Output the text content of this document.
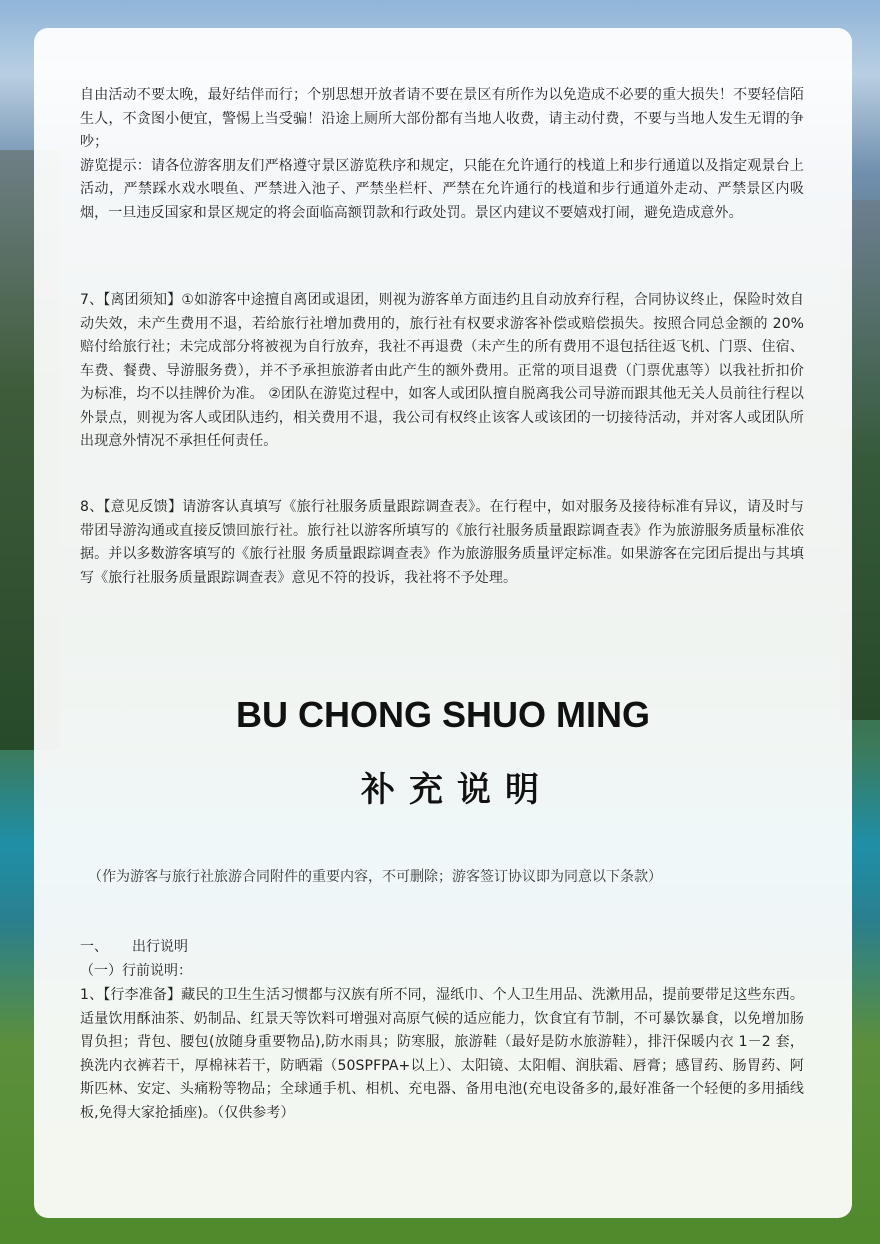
自由活动不要太晚，最好结伴而行；个别思想开放者请不要在景区有所作为以免造成不必要的重大损失！不要轻信陌生人，不贪图小便宜，警惕上当受骗！沿途上厕所大部份都有当地人收费，请主动付费，不要与当地人发生无谓的争吵；

游览提示：请各位游客朋友们严格遵守景区游览秩序和规定，只能在允许通行的栈道上和步行通道以及指定观景台上活动，严禁踩水戏水喂鱼、严禁进入池子、严禁坐栏杆、严禁在允许通行的栈道和步行通道外走动、严禁景区内吸烟，一旦违反国家和景区规定的将会面临高额罚款和行政处罚。景区内建议不要嬉戏打闹，避免造成意外。

7、【离团须知】①如游客中途擅自离团或退团，则视为游客单方面违约且自动放弃行程，合同协议终止，保险时效自动失效，未产生费用不退，若给旅行社增加费用的，旅行社有权要求游客补偿或赔偿损失。按照合同总金额的 20%赔付给旅行社；未完成部分将被视为自行放弃，我社不再退费（未产生的所有费用不退包括往返飞机、门票、住宿、车费、餐费、导游服务费），并不予承担旅游者由此产生的额外费用。正常的项目退费（门票优惠等）以我社折扣价为标准，均不以挂牌价为准。 ②团队在游览过程中，如客人或团队擅自脱离我公司导游而跟其他无关人员前往行程以外景点，则视为客人或团队违约，相关费用不退，我公司有权终止该客人或该团的一切接待活动，并对客人或团队所出现意外情况不承担任何责任。

8、【意见反馈】请游客认真填写《旅行社服务质量跟踪调查表》。在行程中，如对服务及接待标准有异议，请及时与带团导游沟通或直接反馈回旅行社。旅行社以游客所填写的《旅行社服务质量跟踪调查表》作为旅游服务质量标准依据。并以多数游客填写的《旅行社服 务质量跟踪调查表》作为旅游服务质量评定标准。如果游客在完团后提出与其填写《旅行社服务质量跟踪调查表》意见不符的投诉，我社将不予处理。

BU CHONG SHUO MING
补充说明
（作为游客与旅行社旅游合同附件的重要内容，不可删除；游客签订协议即为同意以下条款）
一、 出行说明
（一）行前说明：

1、【行李准备】藏民的卫生生活习惯都与汉族有所不同，湿纸巾、个人卫生用品、洗漱用品，提前要带足这些东西。适量饮用酥油茶、奶制品、红景天等饮料可增强对高原气候的适应能力，饮食宜有节制，不可暴饮暴食，以免增加肠胃负担；背包、腰包(放随身重要物品),防水雨具；防寒服，旅游鞋（最好是防水旅游鞋），排汗保暖内衣 1－2 套，换洗内衣裤若干，厚棉袜若干，防晒霜（50SPFPA+以上）、太阳镜、太阳帽、润肤霜、唇膏；感冒药、肠胃药、阿斯匹林、安定、头痛粉等物品；全球通手机、相机、充电器、备用电池(充电设备多的,最好准备一个轻便的多用插线板,免得大家抢插座)。（仅供参考）
